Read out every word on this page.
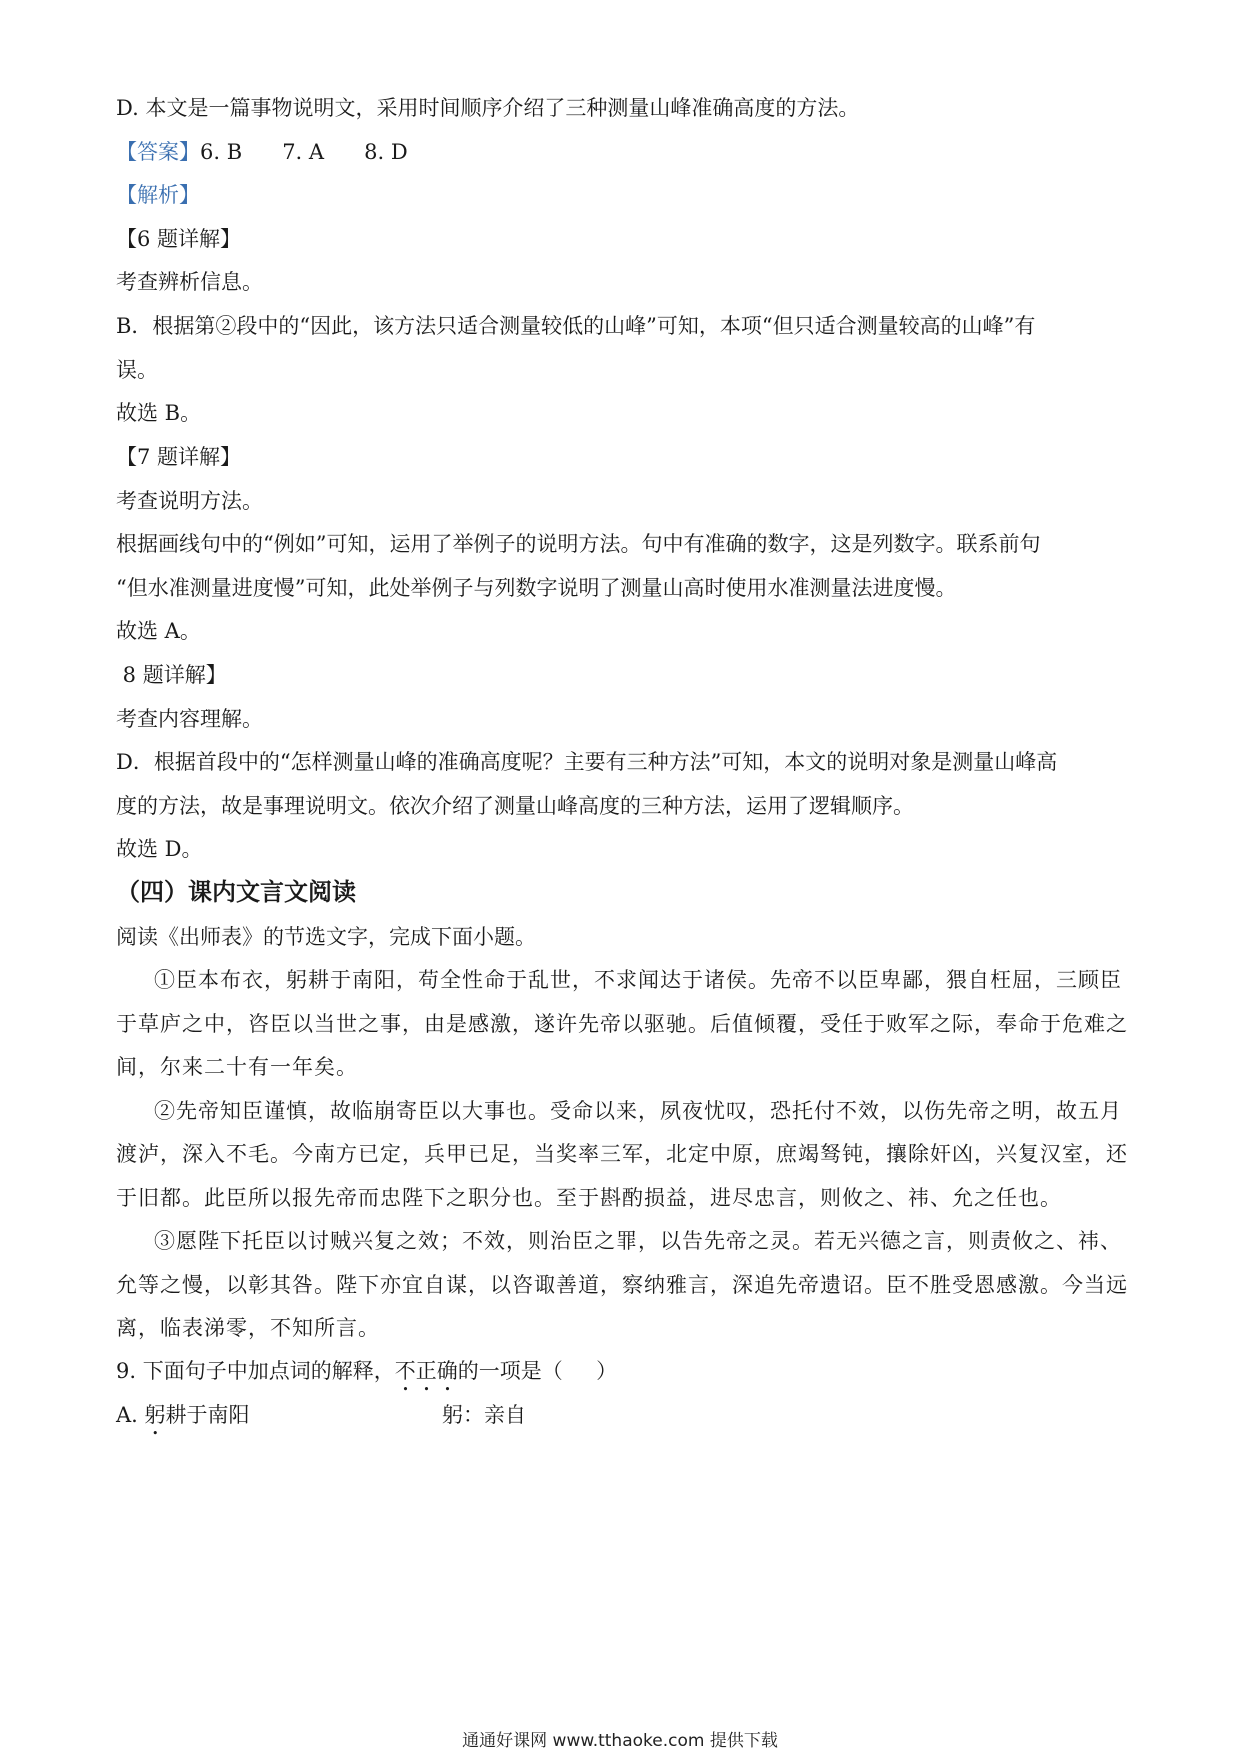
D. 本文是一篇事物说明文，采用时间顺序介绍了三种测量山峰准确高度的方法。
【答案】6. B      7. A      8. D
【解析】
【6 题详解】
考查辨析信息。
B．根据第②段中的“因此，该方法只适合测量较低的山峰”可知，本项“但只适合测量较高的山峰”有
误。
故选 B。
【7 题详解】
考查说明方法。
根据画线句中的“例如”可知，运用了举例子的说明方法。句中有准确的数字，这是列数字。联系前句
“但水准测量进度慢”可知，此处举例子与列数字说明了测量山高时使用水准测量法进度慢。
故选 A。
8 题详解】
考查内容理解。
D．根据首段中的“怎样测量山峰的准确高度呢？主要有三种方法”可知，本文的说明对象是测量山峰高
度的方法，故是事理说明文。依次介绍了测量山峰高度的三种方法，运用了逻辑顺序。
故选 D。
（四）课内文言文阅读
阅读《出师表》的节选文字，完成下面小题。
①臣本布衣，躬耕于南阳，苟全性命于乱世，不求闻达于诸侯。先帝不以臣卑鄙，猥自枉屈，三顾臣
于草庐之中，咨臣以当世之事，由是感激，遂许先帝以驱驰。后值倾覆，受任于败军之际，奉命于危难之
间，尔来二十有一年矣。
②先帝知臣谨慎，故临崩寄臣以大事也。受命以来，夙夜忧叹，恐托付不效，以伤先帝之明，故五月
渡泸，深入不毛。今南方已定，兵甲已足，当奖率三军，北定中原，庶竭驽钝，攘除奸凶，兴复汉室，还
于旧都。此臣所以报先帝而忠陛下之职分也。至于斟酌损益，进尽忠言，则攸之、祎、允之任也。
③愿陛下托臣以讨贼兴复之效；不效，则治臣之罪，以告先帝之灵。若无兴德之言，则责攸之、祎、
允等之慢，以彰其咎。陛下亦宜自谋，以咨诹善道，察纳雅言，深追先帝遗诏。臣不胜受恩感激。今当远
离，临表涕零，不知所言。
9. 下面句子中加点词的解释，不正确的一项是（     ）
A. 躬耕于南阳	躬：亲自
通通好课网 www.tthaoke.com 提供下载
